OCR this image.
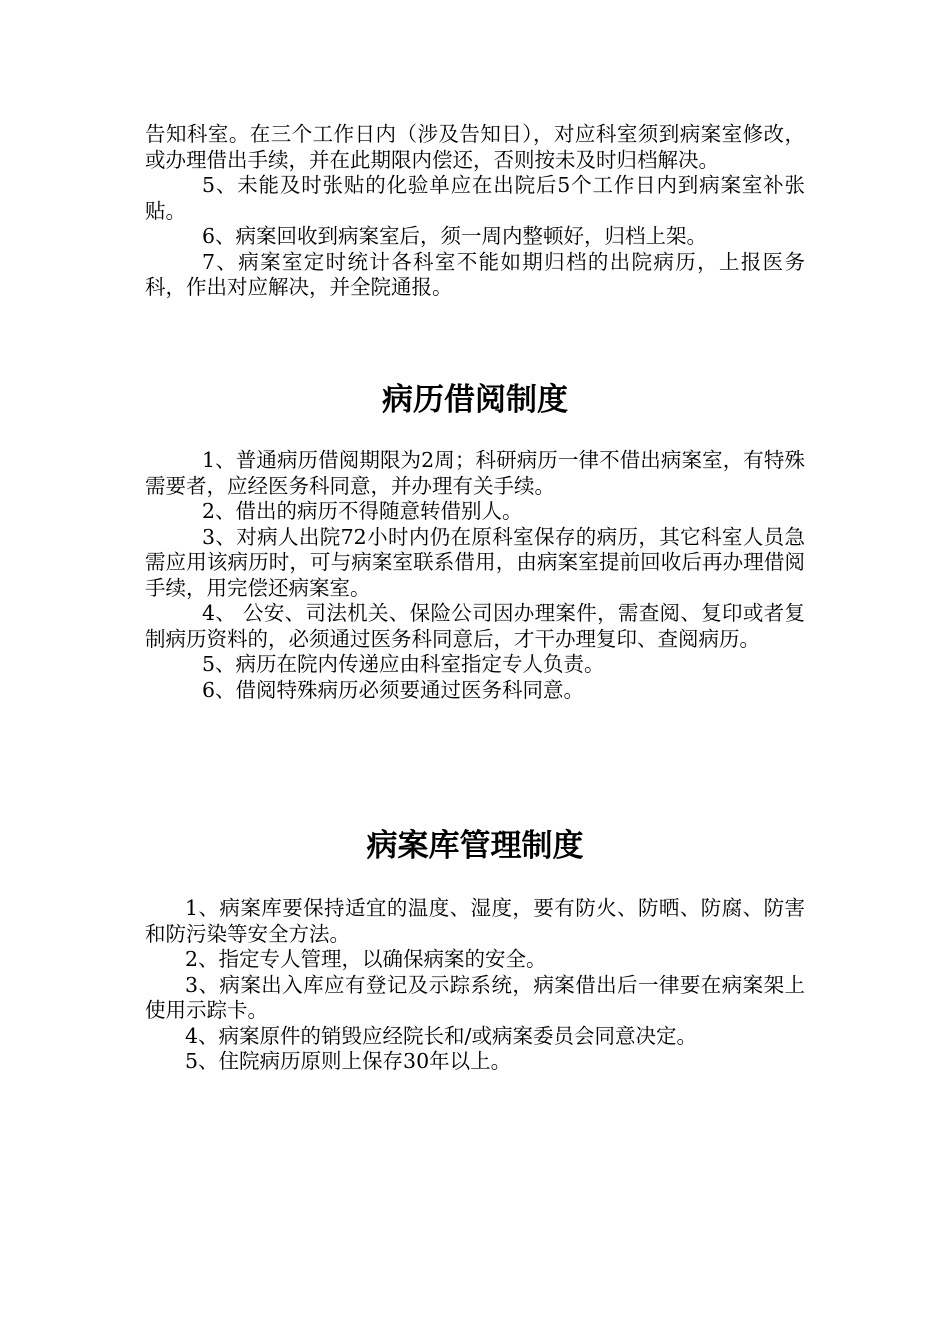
告知科室。在三个工作日内（涉及告知日），对应科室须到病案室修改，或办理借出手续，并在此期限内偿还，否则按未及时归档解决。

5、未能及时张贴的化验单应在出院后5个工作日内到病案室补张贴。

6、病案回收到病案室后，须一周内整顿好，归档上架。

7、病案室定时统计各科室不能如期归档的出院病历，上报医务科，作出对应解决，并全院通报。

病历借阅制度

1、普通病历借阅期限为2周；科研病历一律不借出病案室，有特殊需要者，应经医务科同意，并办理有关手续。

2、借出的病历不得随意转借别人。

3、对病人出院72小时内仍在原科室保存的病历，其它科室人员急需应用该病历时，可与病案室联系借用，由病案室提前回收后再办理借阅手续，用完偿还病案室。

4、 公安、司法机关、保险公司因办理案件，需查阅、复印或者复制病历资料的，必须通过医务科同意后，才干办理复印、查阅病历。

5、病历在院内传递应由科室指定专人负责。

6、借阅特殊病历必须要通过医务科同意。

病案库管理制度

1、病案库要保持适宜的温度、湿度，要有防火、防晒、防腐、防害和防污染等安全方法。

2、指定专人管理，以确保病案的安全。

3、病案出入库应有登记及示踪系统，病案借出后一律要在病案架上使用示踪卡。

4、病案原件的销毁应经院长和/或病案委员会同意决定。

5、住院病历原则上保存30年以上。
